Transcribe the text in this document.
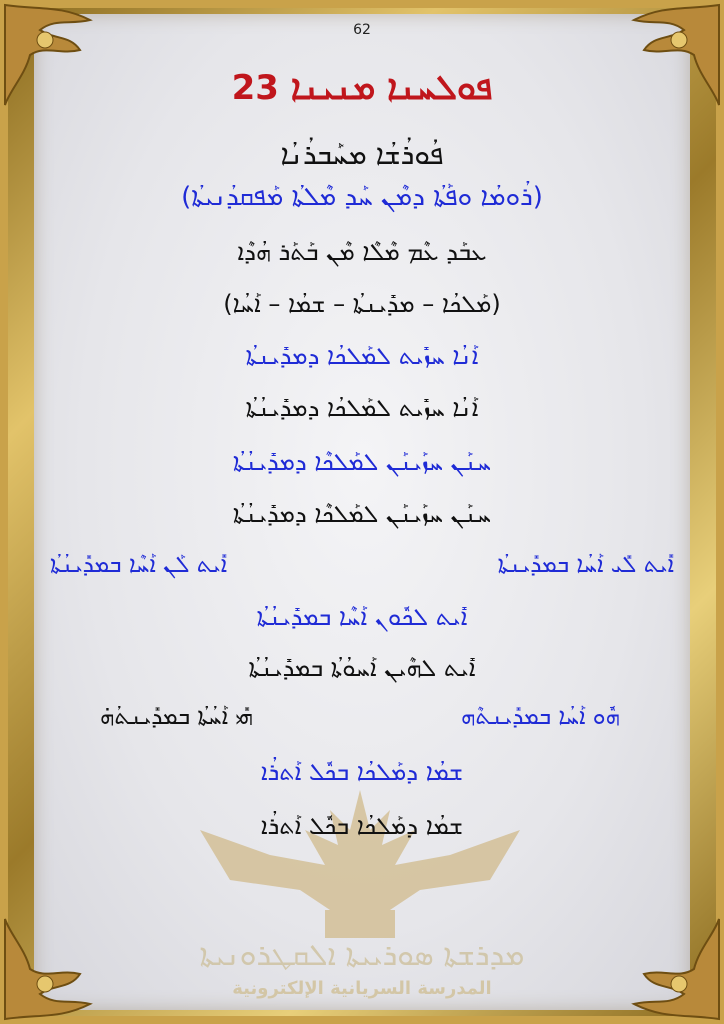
62
ܦܘܠܚܢܐ ܡܢܝܢܐ 23
ܦܳܘܪܳܫܳܐ ܡܚܰܒܪܳܢܳܐ
(ܪܳܘܡܳܐ ܘܦܰܬܳܐ ܕܡܶܢ ܚܰܕ ܡܶܠܬܳܐ ܡܰܦܩܕܳܢܝܬܳܐ)
ܥܒܰܕ ܥܶܡ ܡܶܠܶܐ ܡܶܢ ܒܰܬܰܪ ܗܳܕܶܐ
(ܡܰܠܟܳܐ – ܡܕܺܝܢܬܳܐ – ܫܡܳܐ – ܐܰܚܳܐ)
ܐܰܢܳܐ ܚܙܺܝܬ ܠܡܰܠܟܳܐ ܕܡܕܺܝܢܬܳܐ
ܐܰܢܳܐ ܚܙܺܝܬ ܠܡܰܠܟܳܐ ܕܡܕܺܝܢܳܬܳܐ
ܚܢܰܢ ܚܙܰܝܢܰܢ ܠܡܰܠܟܶܐ ܕܡܕܺܝܢܳܬܳܐ
ܚܢܰܢ ܚܙܰܝܢܰܢ ܠܡܰܠܟܶܐ ܕܡܕܺܝܢܳܬܳܐ
ܐܺܝܬ ܠܺܝ ܐܰܚܳܐ ܒܡܕܺܝܢܬܳܐ
ܐܺܝܬ ܠܰܢ ܐܰܚܶܐ ܒܡܕܺܝܢܳܬܳܐ
ܐܺܝܬ ܠܟܽܘܢ ܐܰܚܶܐ ܒܡܕܺܝܢܳܬܳܐ
ܐܺܝܬ ܠܗܶܝܢ ܐܰܚܘܳܬܳܐ ܒܡܕܺܝܢܳܬܳܐ
ܗܽܘ ܐܰܚܳܐ ܒܡܕܺܝܢܬܶܗ
ܗܺܝ ܐܰܚܳܬܳܐ ܒܡܕܺܝܢܬܳܗ̇
ܫܡܳܐ ܕܡܰܠܟܳܐ ܒܟܽܠ ܐܰܬܪܳܐ
ܫܡܳܐ ܕܡܰܠܟܳܐ ܒܟܽܠ ܐܰܬܪܳܐ
ܡܕܪܫܬܐ ܣܘܪܝܝܬܐ ܐܠܩܛܪܘܢܝܬܐ
المدرسة السريانية الإلكترونية
